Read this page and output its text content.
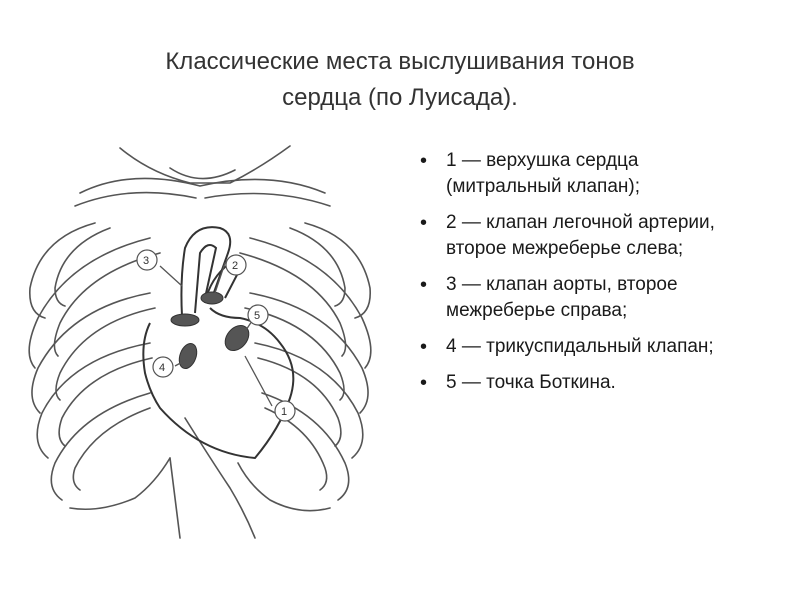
Классические места выслушивания тонов
сердца (по Луисада).
3	2
5
4
1
• 1 — верхушка сердца (митральный клапан);
• 2 — клапан легочной артерии, второе межреберье слева;
• 3 — клапан аорты, второе межреберье справа;
• 4 — трикуспидальный клапан;
• 5 — точка Боткина.
